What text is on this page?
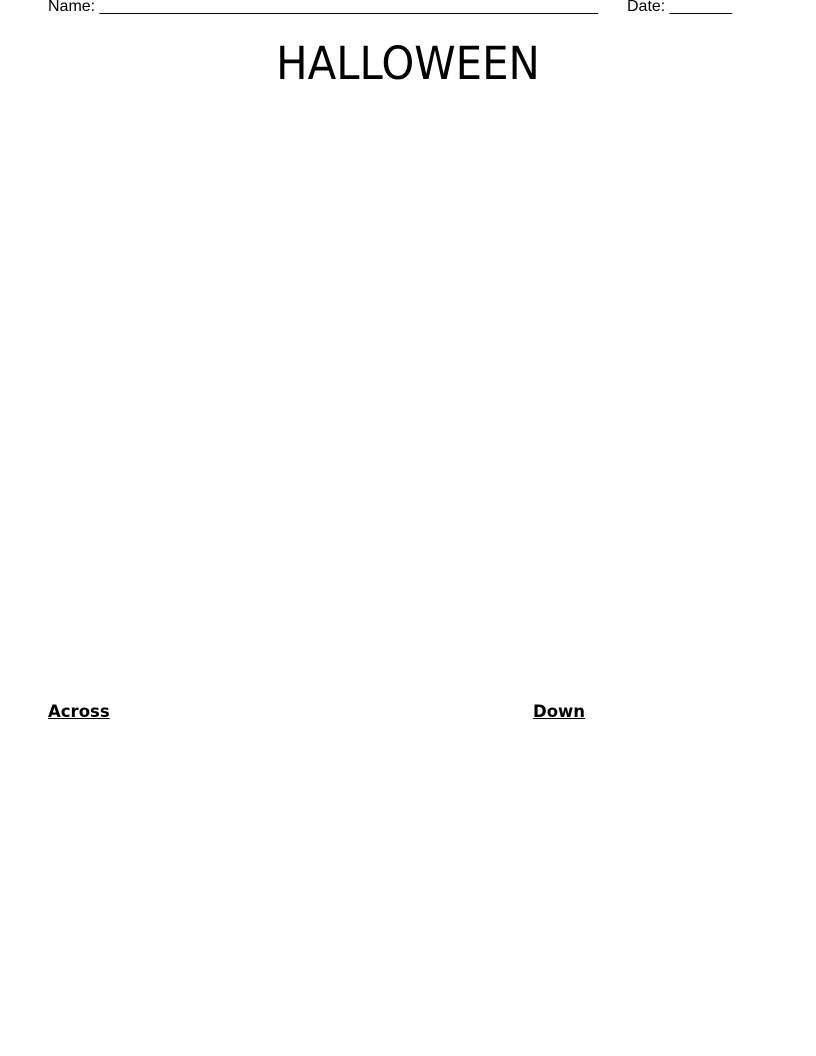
Name: ________________________________________________________ Date: _______
HALLOWEEN
Across	Down
